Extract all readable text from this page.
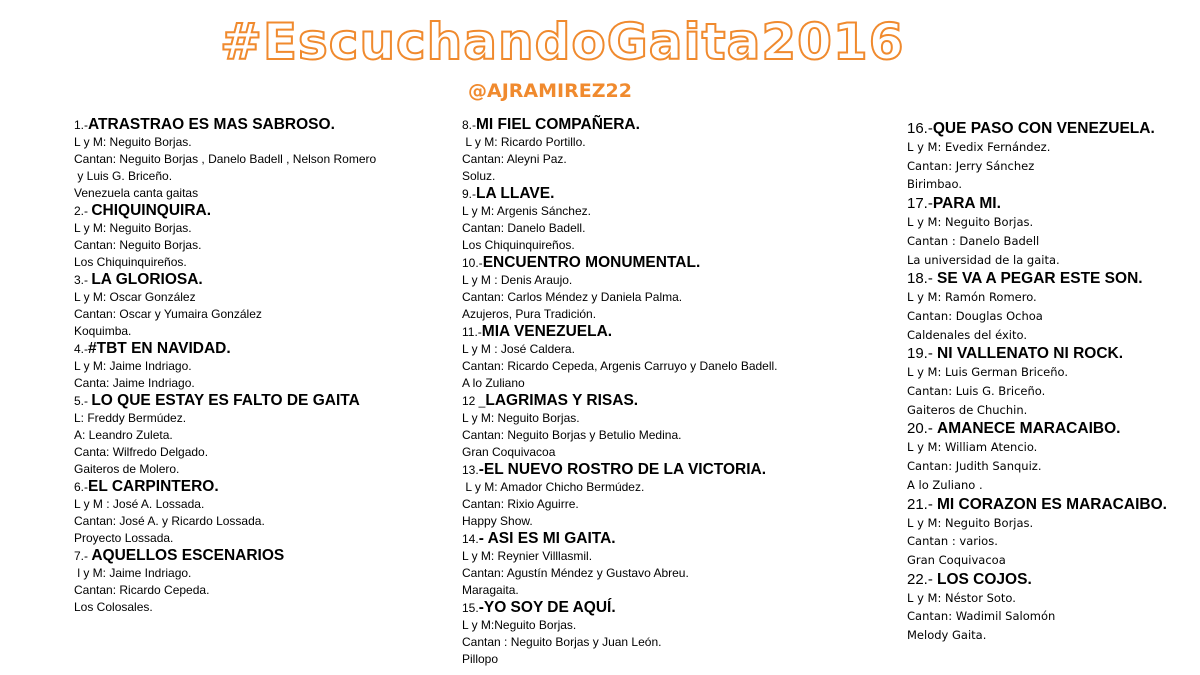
#EscuchandoGaita2016
@AJRAMIREZ22
1.-ATRASTRAO ES MAS SABROSO.
L y M: Neguito Borjas.
Cantan: Neguito Borjas , Danelo Badell , Nelson Romero
y Luis G. Briceño.
Venezuela canta gaitas
2.- CHIQUINQUIRA.
L y M: Neguito Borjas.
Cantan: Neguito Borjas.
Los Chiquinquireños.
3.- LA GLORIOSA.
L y M: Oscar González
Cantan: Oscar y Yumaira González
Koquimba.
4.-#TBT EN NAVIDAD.
L y M: Jaime Indriago.
Canta: Jaime Indriago.
5.- LO QUE ESTAY ES FALTO DE GAITA
L: Freddy Bermúdez.
A: Leandro Zuleta.
Canta: Wilfredo Delgado.
Gaiteros de Molero.
6.-EL CARPINTERO.
L y M : José A. Lossada.
Cantan: José A. y Ricardo Lossada.
Proyecto Lossada.
7.- AQUELLOS ESCENARIOS
l y M: Jaime Indriago.
Cantan: Ricardo Cepeda.
Los Colosales.
8.-MI FIEL COMPAÑERA.
L y M: Ricardo Portillo.
Cantan: Aleyni Paz.
Soluz.
9.-LA LLAVE.
L y M: Argenis Sánchez.
Cantan: Danelo Badell.
Los Chiquinquireños.
10.-ENCUENTRO MONUMENTAL.
L y M : Denis Araujo.
Cantan: Carlos Méndez y Daniela Palma.
Azujeros, Pura Tradición.
11.-MIA VENEZUELA.
L y M : José Caldera.
Cantan: Ricardo Cepeda, Argenis Carruyo y Danelo Badell.
A lo Zuliano
12 _LAGRIMAS Y RISAS.
L y M: Neguito Borjas.
Cantan: Neguito Borjas y Betulio Medina.
Gran Coquivacoa
13.-EL NUEVO ROSTRO DE LA VICTORIA.
L y M: Amador Chicho Bermúdez.
Cantan: Rixio Aguirre.
Happy Show.
14.- ASI ES MI GAITA.
L y M: Reynier Villlasmil.
Cantan: Agustín Méndez y Gustavo Abreu.
Maragaita.
15.-YO SOY DE AQUÍ.
L y M:Neguito Borjas.
Cantan : Neguito Borjas y Juan León.
Pillopo
16.-QUE PASO CON VENEZUELA.
L y M: Evedix Fernández.
Cantan: Jerry Sánchez
Birimbao.
17.-PARA MI.
L y M: Neguito Borjas.
Cantan : Danelo Badell
La universidad de la gaita.
18.- SE VA A PEGAR ESTE SON.
L y M: Ramón Romero.
Cantan: Douglas Ochoa
Caldenales del éxito.
19.- NI VALLENATO NI ROCK.
L y M: Luis German Briceño.
Cantan: Luis G. Briceño.
Gaiteros de Chuchin.
20.- AMANECE MARACAIBO.
L y M: William Atencio.
Cantan: Judith Sanquiz.
A lo Zuliano .
21.- MI CORAZON ES MARACAIBO.
L y M: Neguito Borjas.
Cantan : varios.
Gran Coquivacoa
22.- LOS COJOS.
L y M: Néstor Soto.
Cantan: Wadimil Salomón
Melody Gaita.
